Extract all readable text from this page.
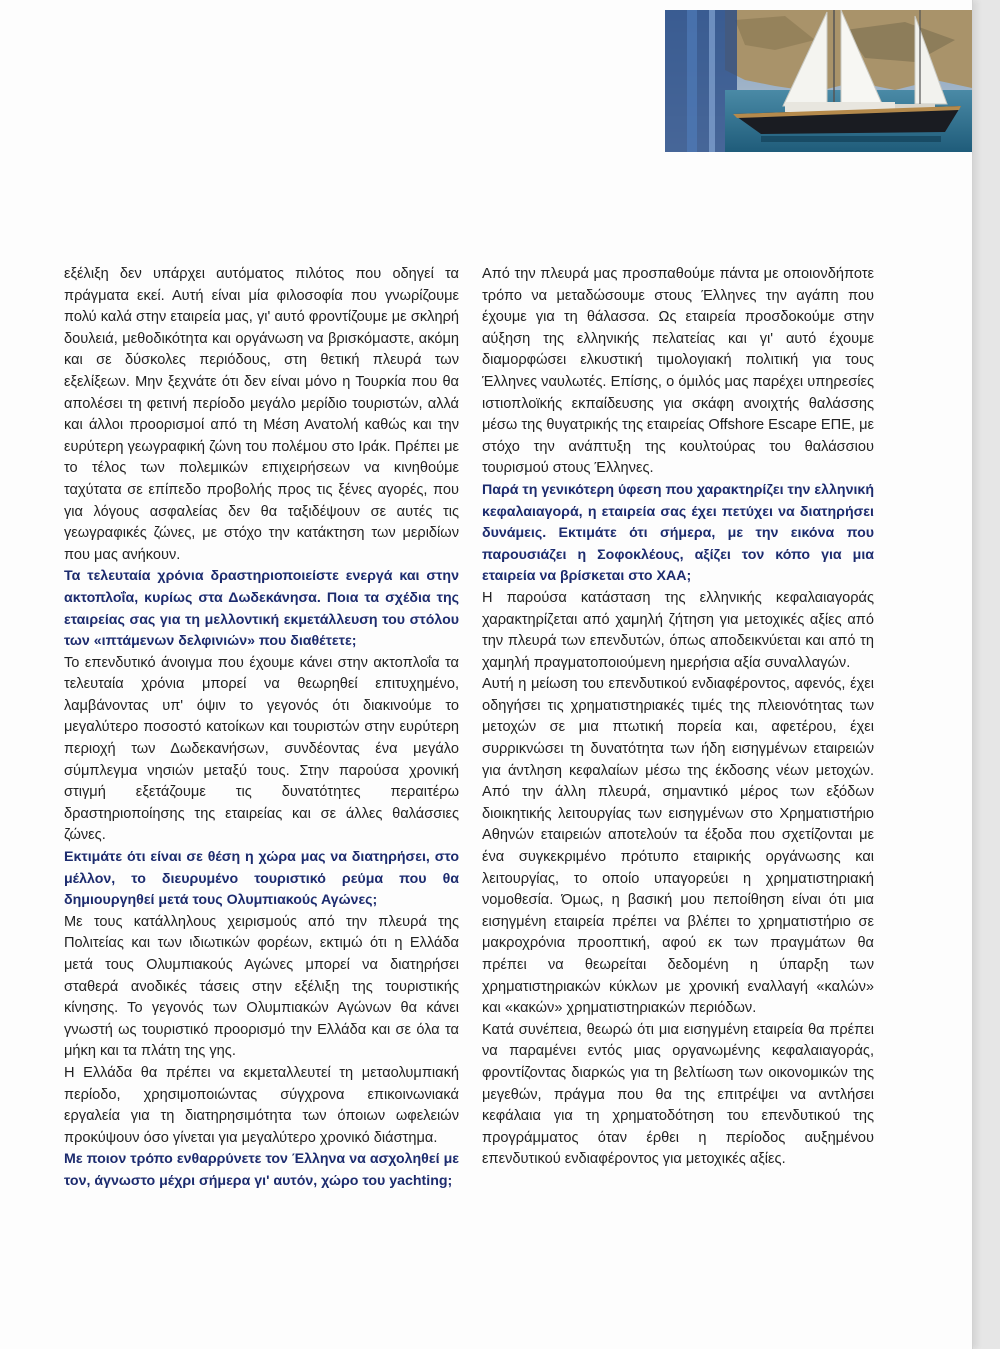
εξέλιξη δεν υπάρχει αυτόματος πιλότος που οδηγεί τα πράγματα εκεί. Αυτή είναι μία φιλοσοφία που γνωρίζουμε πολύ καλά στην εταιρεία μας, γι' αυτό φροντίζουμε με σκληρή δουλειά, μεθοδικότητα και οργάνωση να βρισκόμαστε, ακόμη και σε δύσκολες περιόδους, στη θετική πλευρά των εξελίξεων. Μην ξεχνάτε ότι δεν είναι μόνο η Τουρκία που θα απολέσει τη φετινή περίοδο μεγάλο μερίδιο τουριστών, αλλά και άλλοι προορισμοί από τη Μέση Ανατολή καθώς και την ευρύτερη γεωγραφική ζώνη του πολέμου στο Ιράκ. Πρέπει με το τέλος των πολεμικών επιχειρήσεων να κινηθούμε ταχύτατα σε επίπεδο προβολής προς τις ξένες αγορές, που για λόγους ασφαλείας δεν θα ταξιδέψουν σε αυτές τις γεωγραφικές ζώνες, με στόχο την κατάκτηση των μεριδίων που μας ανήκουν.

Τα τελευταία χρόνια δραστηριοποιείστε ενεργά και στην ακτοπλοΐα, κυρίως στα Δωδεκάνησα. Ποια τα σχέδια της εταιρείας σας για τη μελλοντική εκμετάλλευση του στόλου των «ιπτάμενων δελφινιών» που διαθέτετε;

Το επενδυτικό άνοιγμα που έχουμε κάνει στην ακτοπλοΐα τα τελευταία χρόνια μπορεί να θεωρηθεί επιτυχημένο, λαμβάνοντας υπ' όψιν το γεγονός ότι διακινούμε το μεγαλύτερο ποσοστό κατοίκων και τουριστών στην ευρύτερη περιοχή των Δωδεκανήσων, συνδέοντας ένα μεγάλο σύμπλεγμα νησιών μεταξύ τους. Στην παρούσα χρονική στιγμή εξετάζουμε τις δυνατότητες περαιτέρω δραστηριοποίησης της εταιρείας και σε άλλες θαλάσσιες ζώνες.

Εκτιμάτε ότι είναι σε θέση η χώρα μας να διατηρήσει, στο μέλλον, το διευρυμένο τουριστικό ρεύμα που θα δημιουργηθεί μετά τους Ολυμπιακούς Αγώνες;

Με τους κατάλληλους χειρισμούς από την πλευρά της Πολιτείας και των ιδιωτικών φορέων, εκτιμώ ότι η Ελλάδα μετά τους Ολυμπιακούς Αγώνες μπορεί να διατηρήσει σταθερά ανοδικές τάσεις στην εξέλιξη της τουριστικής κίνησης. Το γεγονός των Ολυμπιακών Αγώνων θα κάνει γνωστή ως τουριστικό προορισμό την Ελλάδα και σε όλα τα μήκη και τα πλάτη της γης.

Η Ελλάδα θα πρέπει να εκμεταλλευτεί τη μεταολυμπιακή περίοδο, χρησιμοποιώντας σύγχρονα επικοινωνιακά εργαλεία για τη διατηρησιμότητα των όποιων ωφελειών προκύψουν όσο γίνεται για μεγαλύτερο χρονικό διάστημα.

Με ποιον τρόπο ενθαρρύνετε τον Έλληνα να ασχοληθεί με τον, άγνωστο μέχρι σήμερα γι' αυτόν, χώρο του yachting;

Από την πλευρά μας προσπαθούμε πάντα με οποιονδήποτε τρόπο να μεταδώσουμε στους Έλληνες την αγάπη που έχουμε για τη θάλασσα. Ως εταιρεία προσδοκούμε στην αύξηση της ελληνικής πελατείας και γι' αυτό έχουμε διαμορφώσει ελκυστική τιμολογιακή πολιτική για τους Έλληνες ναυλωτές. Επίσης, ο όμιλός μας παρέχει υπηρεσίες ιστιοπλοϊκής εκπαίδευσης για σκάφη ανοιχτής θαλάσσης μέσω της θυγατρικής της εταιρείας Offshore Escape ΕΠΕ, με στόχο την ανάπτυξη της κουλτούρας του θαλάσσιου τουρισμού στους Έλληνες.

Παρά τη γενικότερη ύφεση που χαρακτηρίζει την ελληνική κεφαλαιαγορά, η εταιρεία σας έχει πετύχει να διατηρήσει δυνάμεις. Εκτιμάτε ότι σήμερα, με την εικόνα που παρουσιάζει η Σοφοκλέους, αξίζει τον κόπο για μια εταιρεία να βρίσκεται στο ΧΑΑ;

Η παρούσα κατάσταση της ελληνικής κεφαλαιαγοράς χαρακτηρίζεται από χαμηλή ζήτηση για μετοχικές αξίες από την πλευρά των επενδυτών, όπως αποδεικνύεται και από τη χαμηλή πραγματοποιούμενη ημερήσια αξία συναλλαγών.

Αυτή η μείωση του επενδυτικού ενδιαφέροντος, αφενός, έχει οδηγήσει τις χρηματιστηριακές τιμές της πλειονότητας των μετοχών σε μια πτωτική πορεία και, αφετέρου, έχει συρρικνώσει τη δυνατότητα των ήδη εισηγμένων εταιρειών για άντληση κεφαλαίων μέσω της έκδοσης νέων μετοχών. Από την άλλη πλευρά, σημαντικό μέρος των εξόδων διοικητικής λειτουργίας των εισηγμένων στο Χρηματιστήριο Αθηνών εταιρειών αποτελούν τα έξοδα που σχετίζονται με ένα συγκεκριμένο πρότυπο εταιρικής οργάνωσης και λειτουργίας, το οποίο υπαγορεύει η χρηματιστηριακή νομοθεσία. Όμως, η βασική μου πεποίθηση είναι ότι μια εισηγμένη εταιρεία πρέπει να βλέπει το χρηματιστήριο σε μακροχρόνια προοπτική, αφού εκ των πραγμάτων θα πρέπει να θεωρείται δεδομένη η ύπαρξη των χρηματιστηριακών κύκλων με χρονική εναλλαγή «καλών» και «κακών» χρηματιστηριακών περιόδων.

Κατά συνέπεια, θεωρώ ότι μια εισηγμένη εταιρεία θα πρέπει να παραμένει εντός μιας οργανωμένης κεφαλαιαγοράς, φροντίζοντας διαρκώς για τη βελτίωση των οικονομικών της μεγεθών, πράγμα που θα της επιτρέψει να αντλήσει κεφάλαια για τη χρηματοδότηση του επενδυτικού της προγράμματος όταν έρθει η περίοδος αυξημένου επενδυτικού ενδιαφέροντος για μετοχικές αξίες.
